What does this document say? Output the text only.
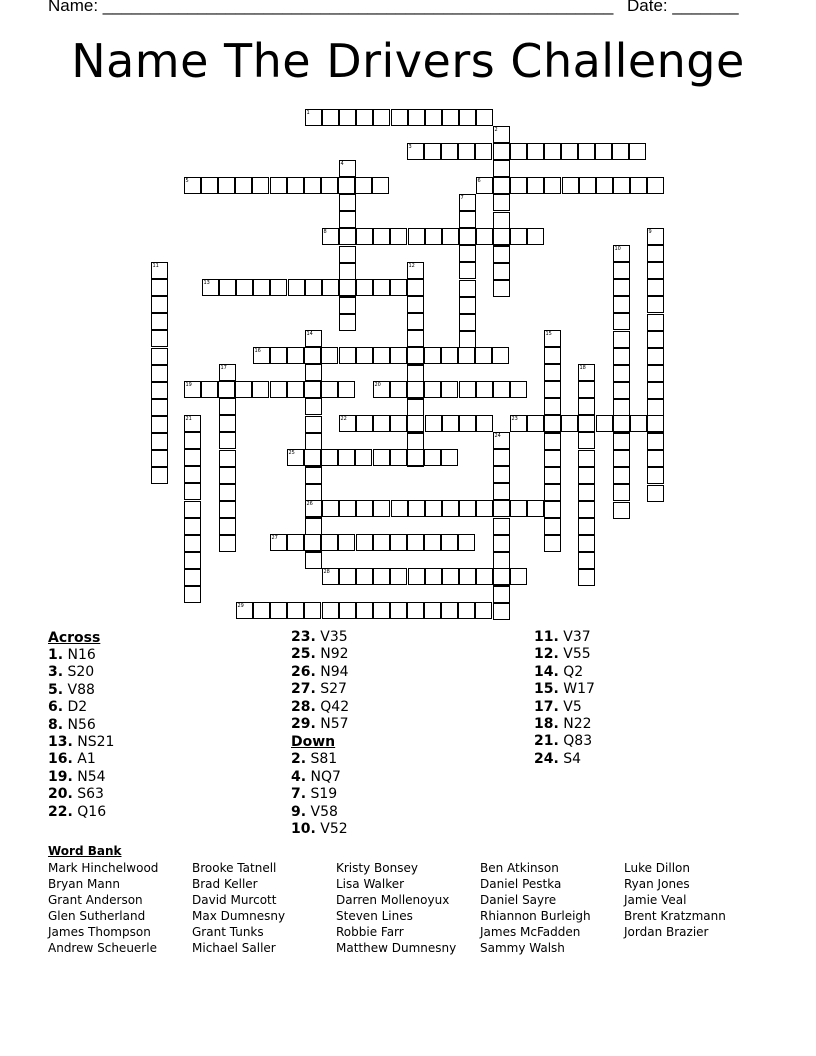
Name: ______________________________________________________ Date: _______
Name The Drivers Challenge
1
2
3
4
5	6
7
8	9
10
11	12
13
14	15
16
17	18
19	20
21	22	23
24
25
26
27
28
29
Across
1. N16
3. S20
5. V88
6. D2
8. N56
13. NS21
16. A1
19. N54
20. S63
22. Q16
23. V35
25. N92
26. N94
27. S27
28. Q42
29. N57
Down
2. S81
4. NQ7
7. S19
9. V58
10. V52
11. V37
12. V55
14. Q2
15. W17
17. V5
18. N22
21. Q83
24. S4
Word Bank
Mark Hinchelwood
Bryan Mann
Grant Anderson
Glen Sutherland
James Thompson
Andrew Scheuerle
Brooke Tatnell
Brad Keller
David Murcott
Max Dumnesny
Grant Tunks
Michael Saller
Kristy Bonsey
Lisa Walker
Darren Mollenoyux
Steven Lines
Robbie Farr
Matthew Dumnesny
Ben Atkinson
Daniel Pestka
Daniel Sayre
Rhiannon Burleigh
James McFadden
Sammy Walsh
Luke Dillon
Ryan Jones
Jamie Veal
Brent Kratzmann
Jordan Brazier
